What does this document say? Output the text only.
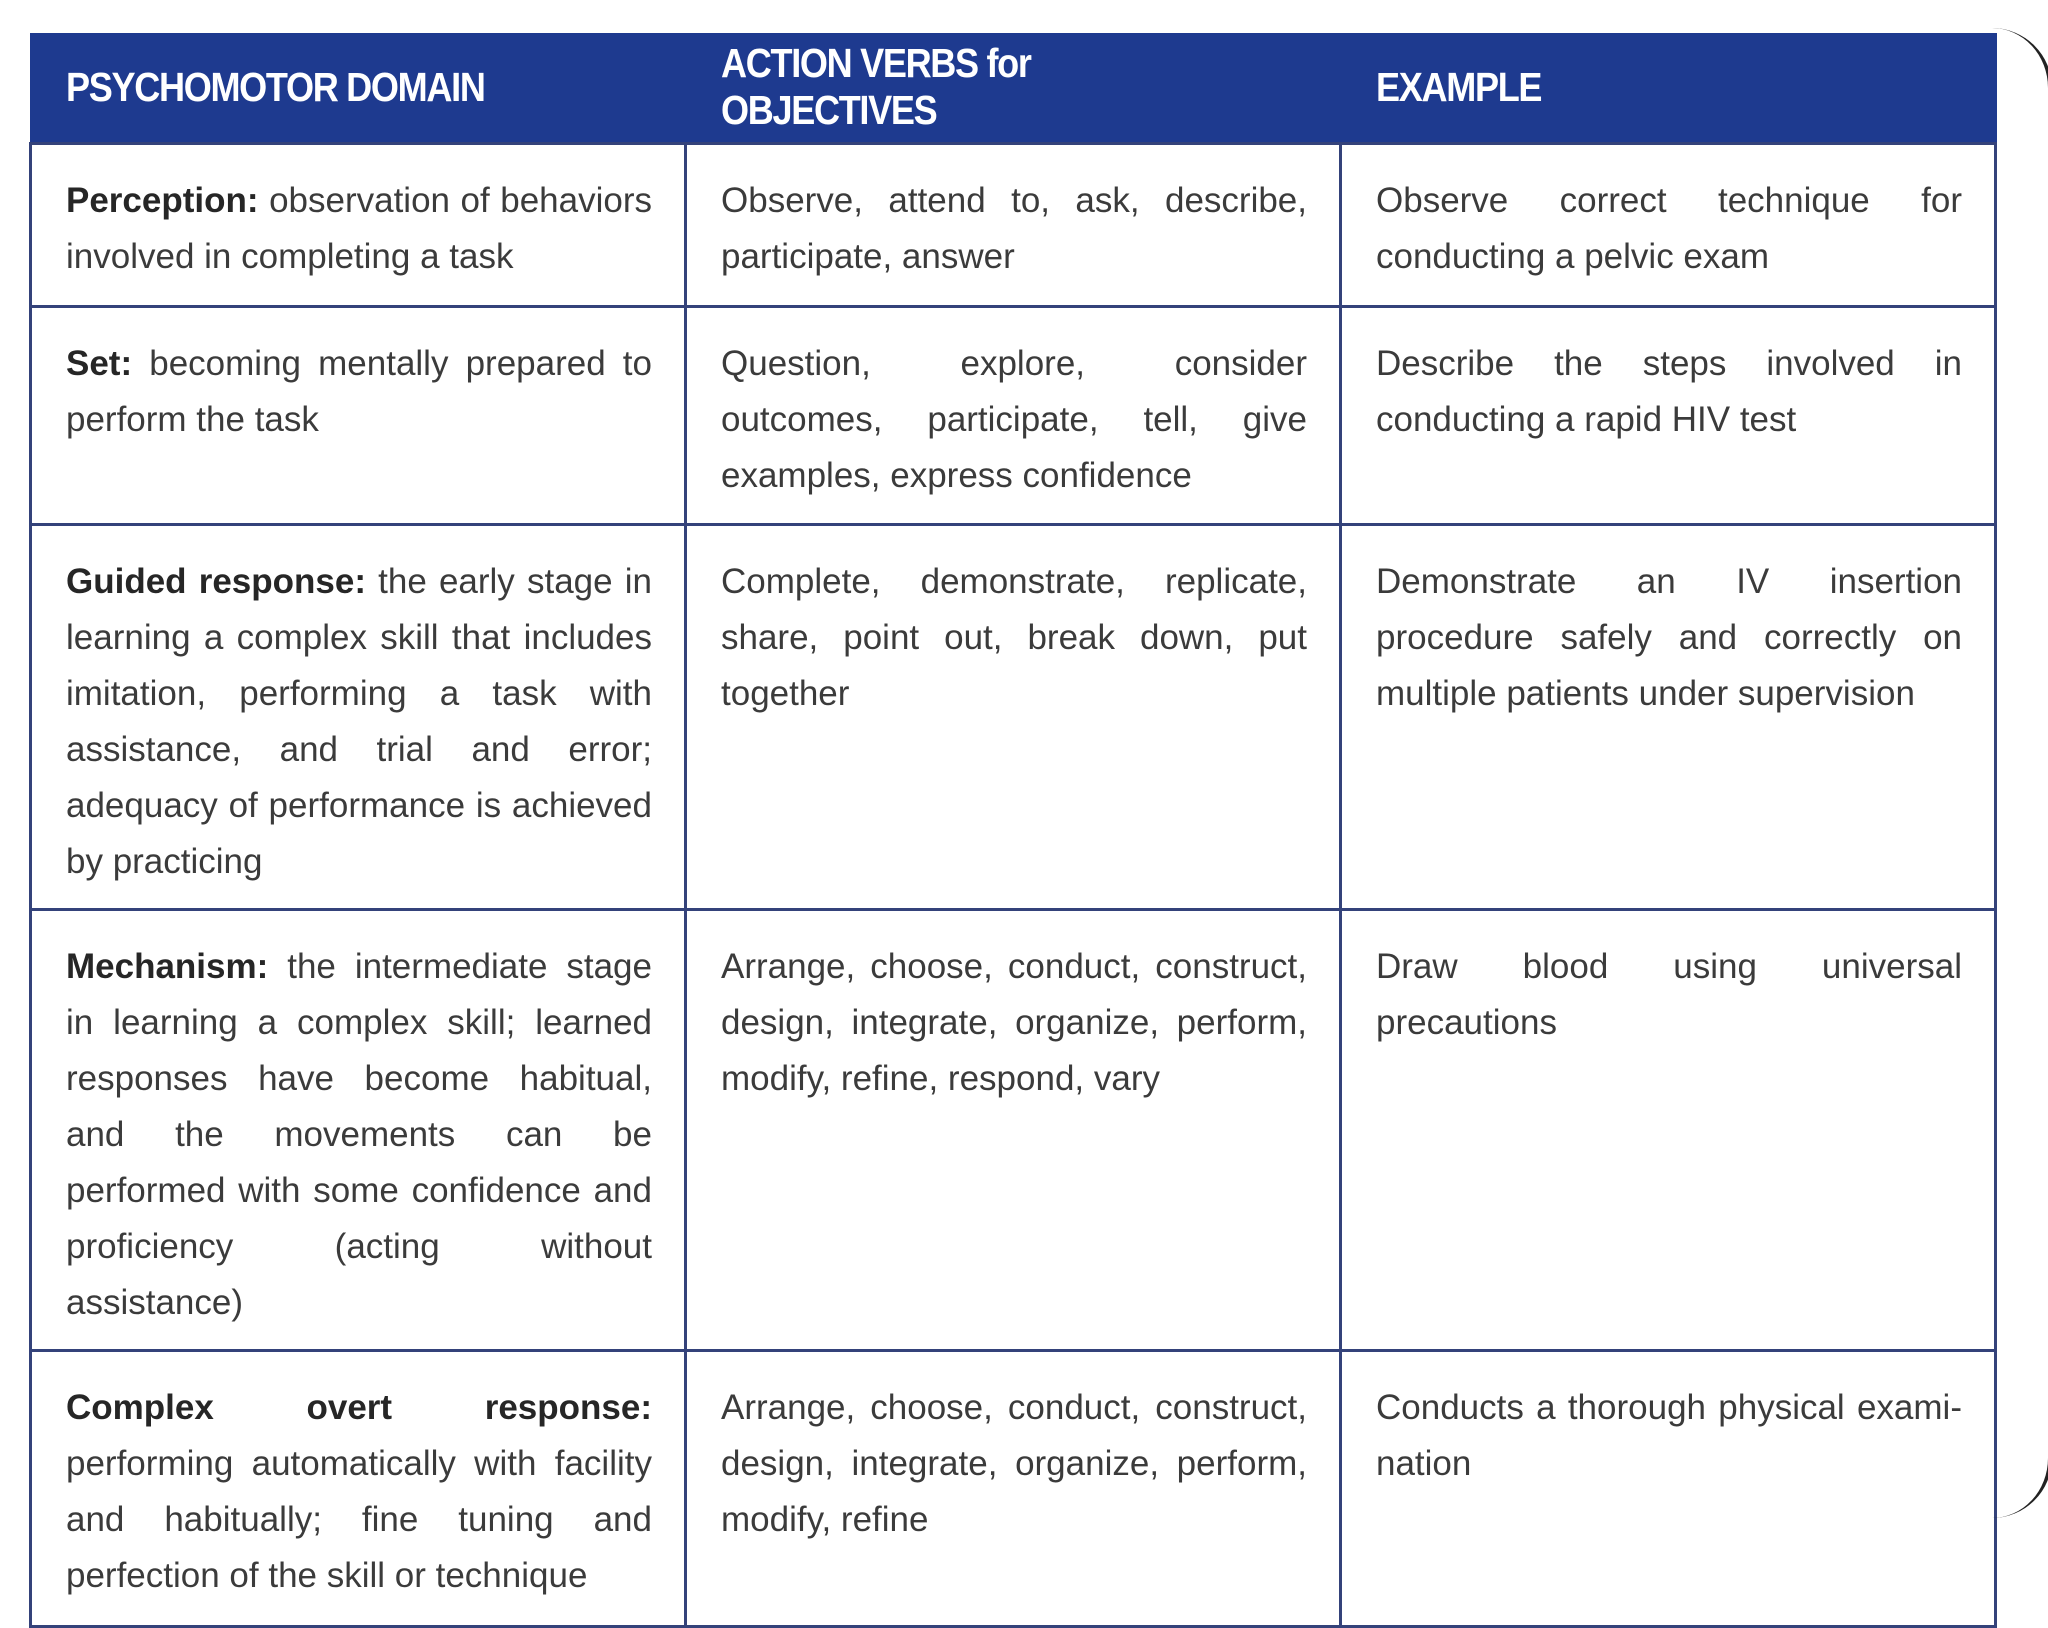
PSYCHOMOTOR DOMAIN	ACTION VERBS for OBJECTIVES	EXAMPLE
Perception: observation of behaviors involved in completing a task	Observe, attend to, ask, describe, participate, answer	Observe correct technique for conducting a pelvic exam
Set: becoming mentally prepared to perform the task	Question, explore, consider outcomes, participate, tell, give examples, express confidence	Describe the steps involved in conducting a rapid HIV test
Guided response: the early stage in learning a complex skill that includes imitation, performing a task with assistance, and trial and error; adequacy of performance is achieved by practicing	Complete, demonstrate, replicate, share, point out, break down, put together	Demonstrate an IV insertion procedure safely and correctly on multiple patients under supervision
Mechanism: the intermediate stage in learning a complex skill; learned responses have become habitual, and the movements can be performed with some confidence and proficiency (acting without assistance)	Arrange, choose, conduct, construct, design, integrate, organize, perform, modify, refine, respond, vary	Draw blood using universal precautions
Complex overt response: performing automatically with facility and habitually; fine tuning and perfection of the skill or technique	Arrange, choose, conduct, construct, design, integrate, organize, perform, modify, refine	Conducts a thorough physical examination
